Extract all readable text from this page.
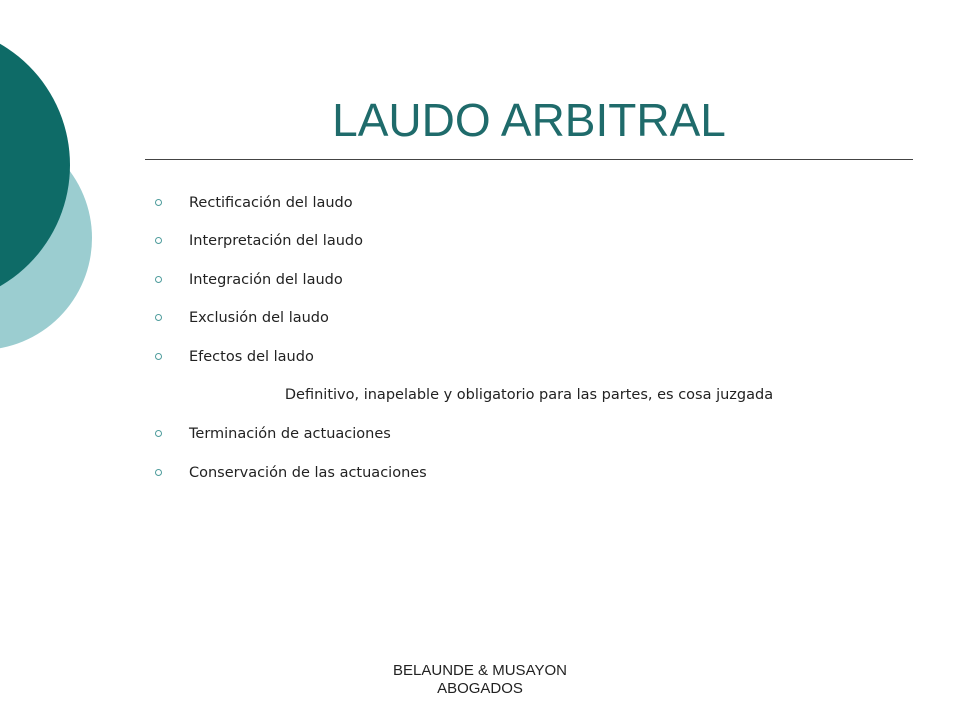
LAUDO ARBITRAL
Rectificación del laudo
Interpretación del laudo
Integración del laudo
Exclusión del laudo
Efectos del laudo
Terminación de actuaciones
Conservación de las actuaciones
Definitivo, inapelable y obligatorio para las partes, es cosa juzgada
BELAUNDE & MUSAYON
ABOGADOS
